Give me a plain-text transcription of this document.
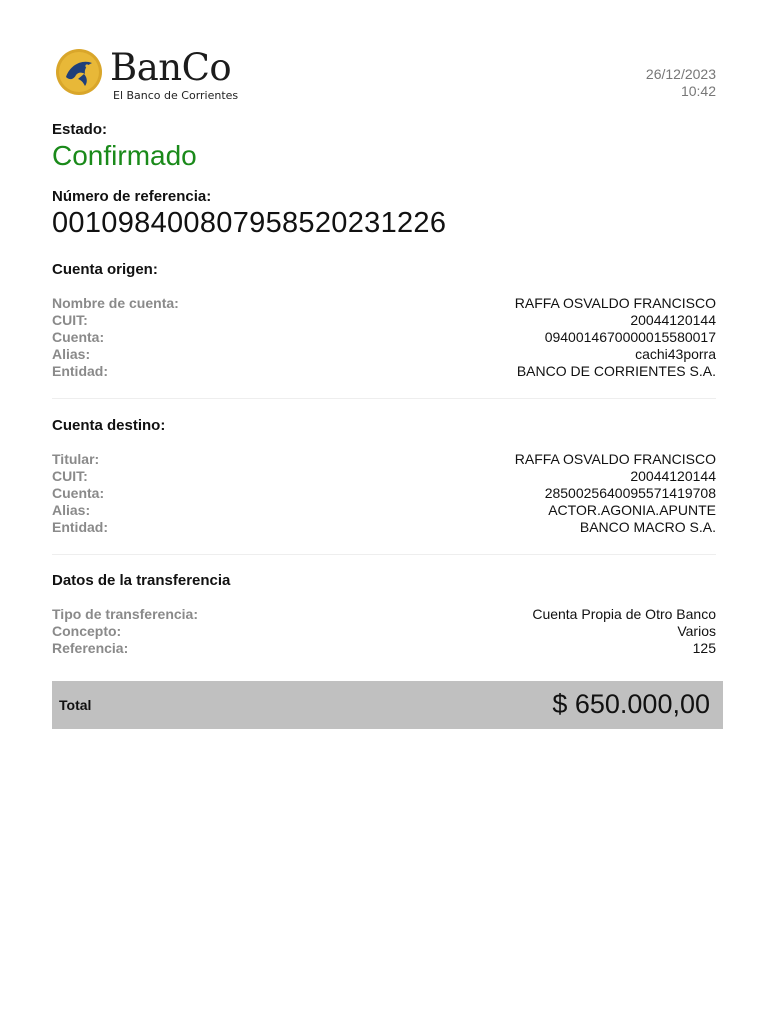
BanCo
El Banco de Corrientes
26/12/2023
10:42
Estado:
Confirmado
Número de referencia:
001098400807958520231226
Cuenta origen:
Nombre de cuenta:	RAFFA OSVALDO FRANCISCO
CUIT:	20044120144
Cuenta:	0940014670000015580017
Alias:	cachi43porra
Entidad:	BANCO DE CORRIENTES S.A.
Cuenta destino:
Titular:	RAFFA OSVALDO FRANCISCO
CUIT:	20044120144
Cuenta:	2850025640095571419708
Alias:	ACTOR.AGONIA.APUNTE
Entidad:	BANCO MACRO S.A.
Datos de la transferencia
Tipo de transferencia:	Cuenta Propia de Otro Banco
Concepto:	Varios
Referencia:	125
Total	$ 650.000,00
